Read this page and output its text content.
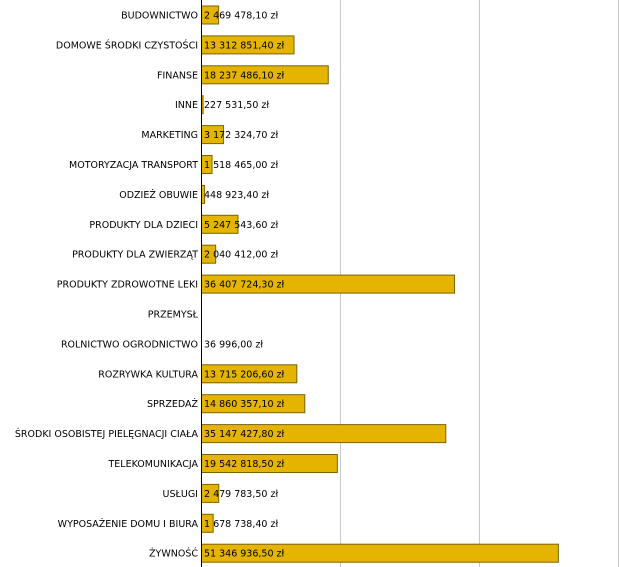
BUDOWNICTWO
DOMOWE ŚRODKI CZYSTOŚCI
FINANSE
INNE
MARKETING
MOTORYZACJA TRANSPORT
ODZIEŻ OBUWIE
PRODUKTY DLA DZIECI
PRODUKTY DLA ZWIERZĄT
PRODUKTY ZDROWOTNE LEKI
PRZEMYSŁ
ROLNICTWO OGRODNICTWO
ROZRYWKA KULTURA
SPRZEDAŻ
ŚRODKI OSOBISTEJ PIELĘGNACJI CIAŁA
TELEKOMUNIKACJA
USŁUGI
WYPOSAŻENIE DOMU I BIURA
ŻYWNOŚĆ
2 469 478,10 zł
13 312 851,40 zł
18 237 486,10 zł
227 531,50 zł
3 172 324,70 zł
1 518 465,00 zł
448 923,40 zł
5 247 543,60 zł
2 040 412,00 zł
36 407 724,30 zł
36 996,00 zł
13 715 206,60 zł
14 860 357,10 zł
35 147 427,80 zł
19 542 818,50 zł
2 479 783,50 zł
1 678 738,40 zł
51 346 936,50 zł
